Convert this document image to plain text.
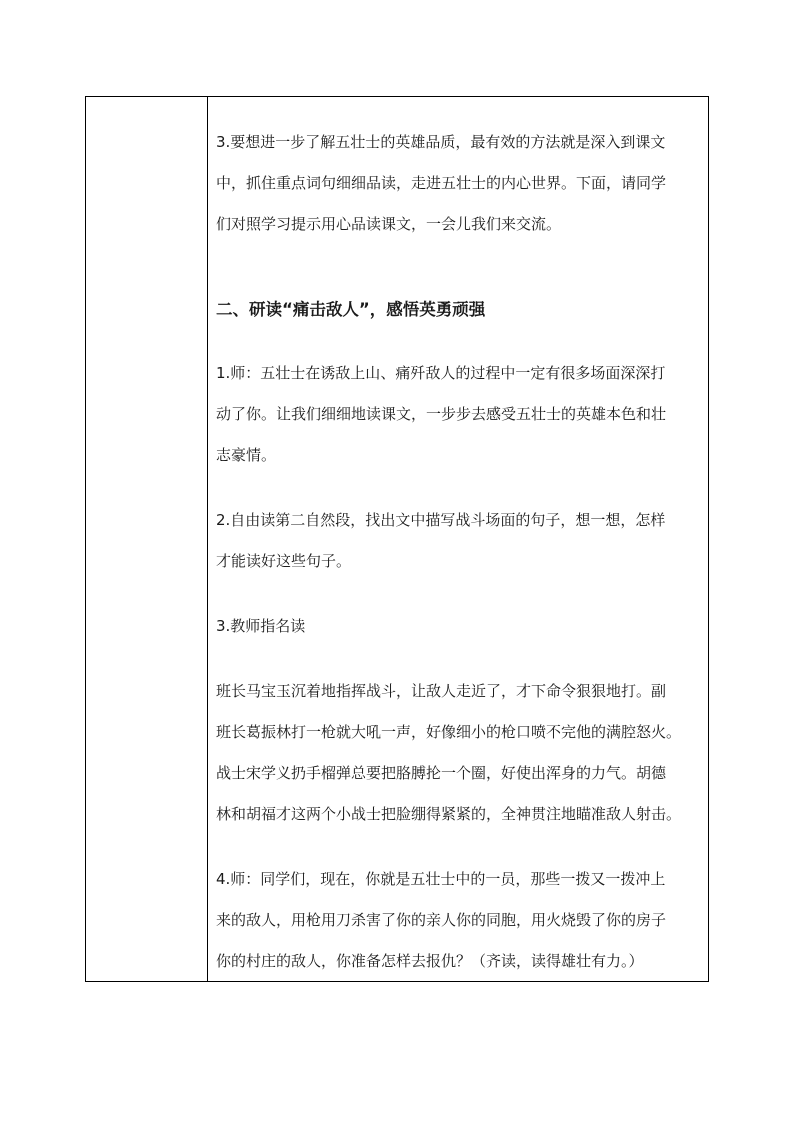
3.要想进一步了解五壮士的英雄品质，最有效的方法就是深入到课文
中，抓住重点词句细细品读，走进五壮士的内心世界。下面，请同学
们对照学习提示用心品读课文，一会儿我们来交流。
二、研读“痛击敌人”，感悟英勇顽强
1.师：五壮士在诱敌上山、痛歼敌人的过程中一定有很多场面深深打
动了你。让我们细细地读课文，一步步去感受五壮士的英雄本色和壮
志豪情。
2.自由读第二自然段，找出文中描写战斗场面的句子，想一想，怎样
才能读好这些句子。
3.教师指名读
班长马宝玉沉着地指挥战斗，让敌人走近了，才下命令狠狠地打。副
班长葛振林打一枪就大吼一声，好像细小的枪口喷不完他的满腔怒火。
战士宋学义扔手榴弹总要把胳膊抡一个圈，好使出浑身的力气。胡德
林和胡福才这两个小战士把脸绷得紧紧的，全神贯注地瞄准敌人射击。
4.师：同学们，现在，你就是五壮士中的一员，那些一拨又一拨冲上
来的敌人，用枪用刀杀害了你的亲人你的同胞，用火烧毁了你的房子
你的村庄的敌人，你准备怎样去报仇？（齐读，读得雄壮有力。）
